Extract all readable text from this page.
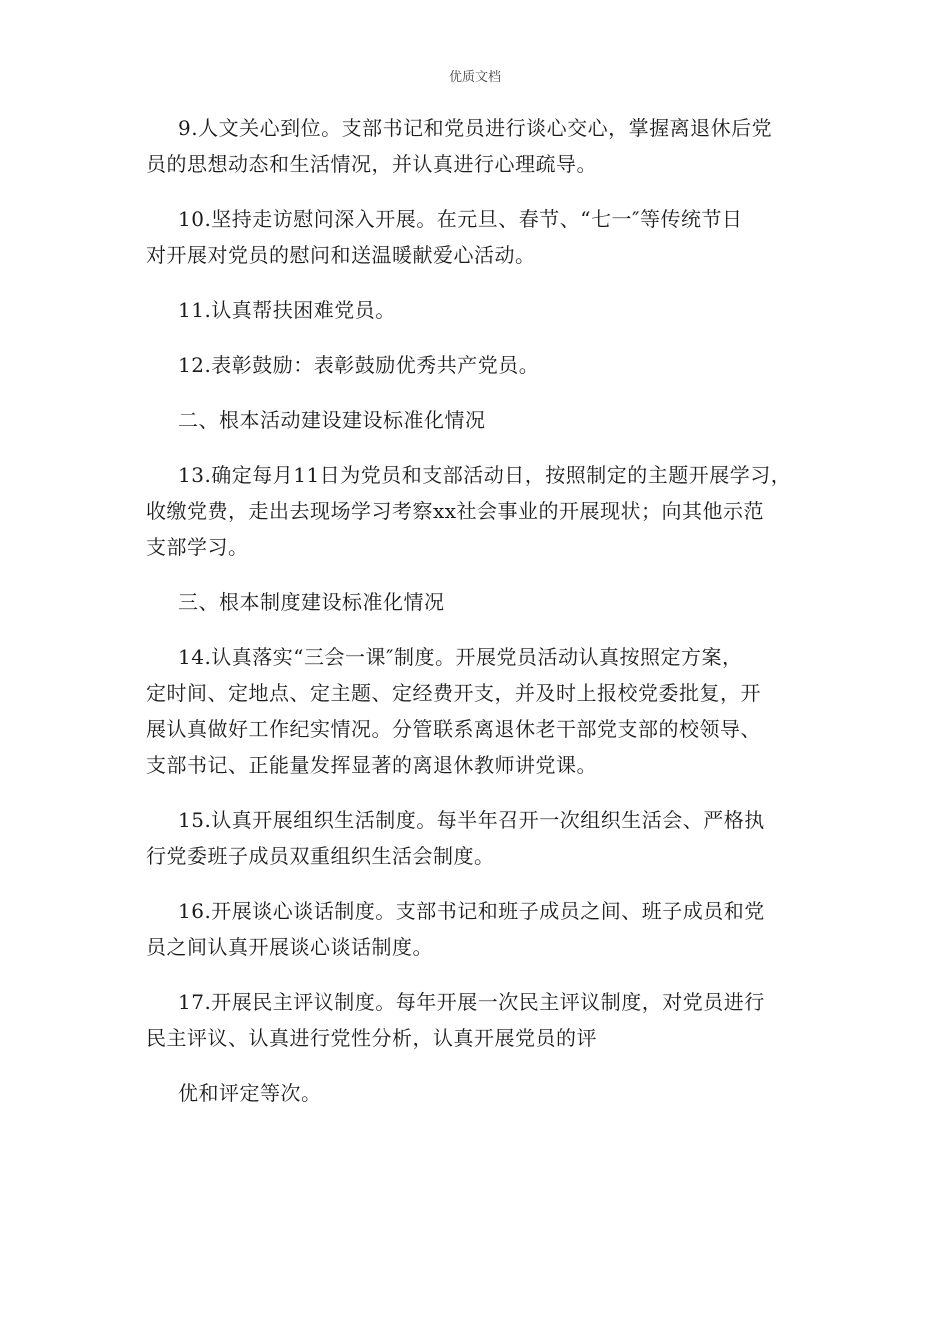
优质文档

9.人文关心到位。支部书记和党员进行谈心交心，掌握离退休后党
员的思想动态和生活情况，并认真进行心理疏导。

10.坚持走访慰问深入开展。在元旦、春节、“七一″等传统节日
对开展对党员的慰问和送温暖献爱心活动。

11.认真帮扶困难党员。

12.表彰鼓励：表彰鼓励优秀共产党员。

二、根本活动建设建设标准化情况

13.确定每月11日为党员和支部活动日，按照制定的主题开展学习，
收缴党费，走出去现场学习考察xx社会事业的开展现状；向其他示范
支部学习。

三、根本制度建设标准化情况

14.认真落实“三会一课″制度。开展党员活动认真按照定方案，
定时间、定地点、定主题、定经费开支，并及时上报校党委批复，开
展认真做好工作纪实情况。分管联系离退休老干部党支部的校领导、
支部书记、正能量发挥显著的离退休教师讲党课。

15.认真开展组织生活制度。每半年召开一次组织生活会、严格执
行党委班子成员双重组织生活会制度。

16.开展谈心谈话制度。支部书记和班子成员之间、班子成员和党
员之间认真开展谈心谈话制度。

17.开展民主评议制度。每年开展一次民主评议制度，对党员进行
民主评议、认真进行党性分析，认真开展党员的评

优和评定等次。
